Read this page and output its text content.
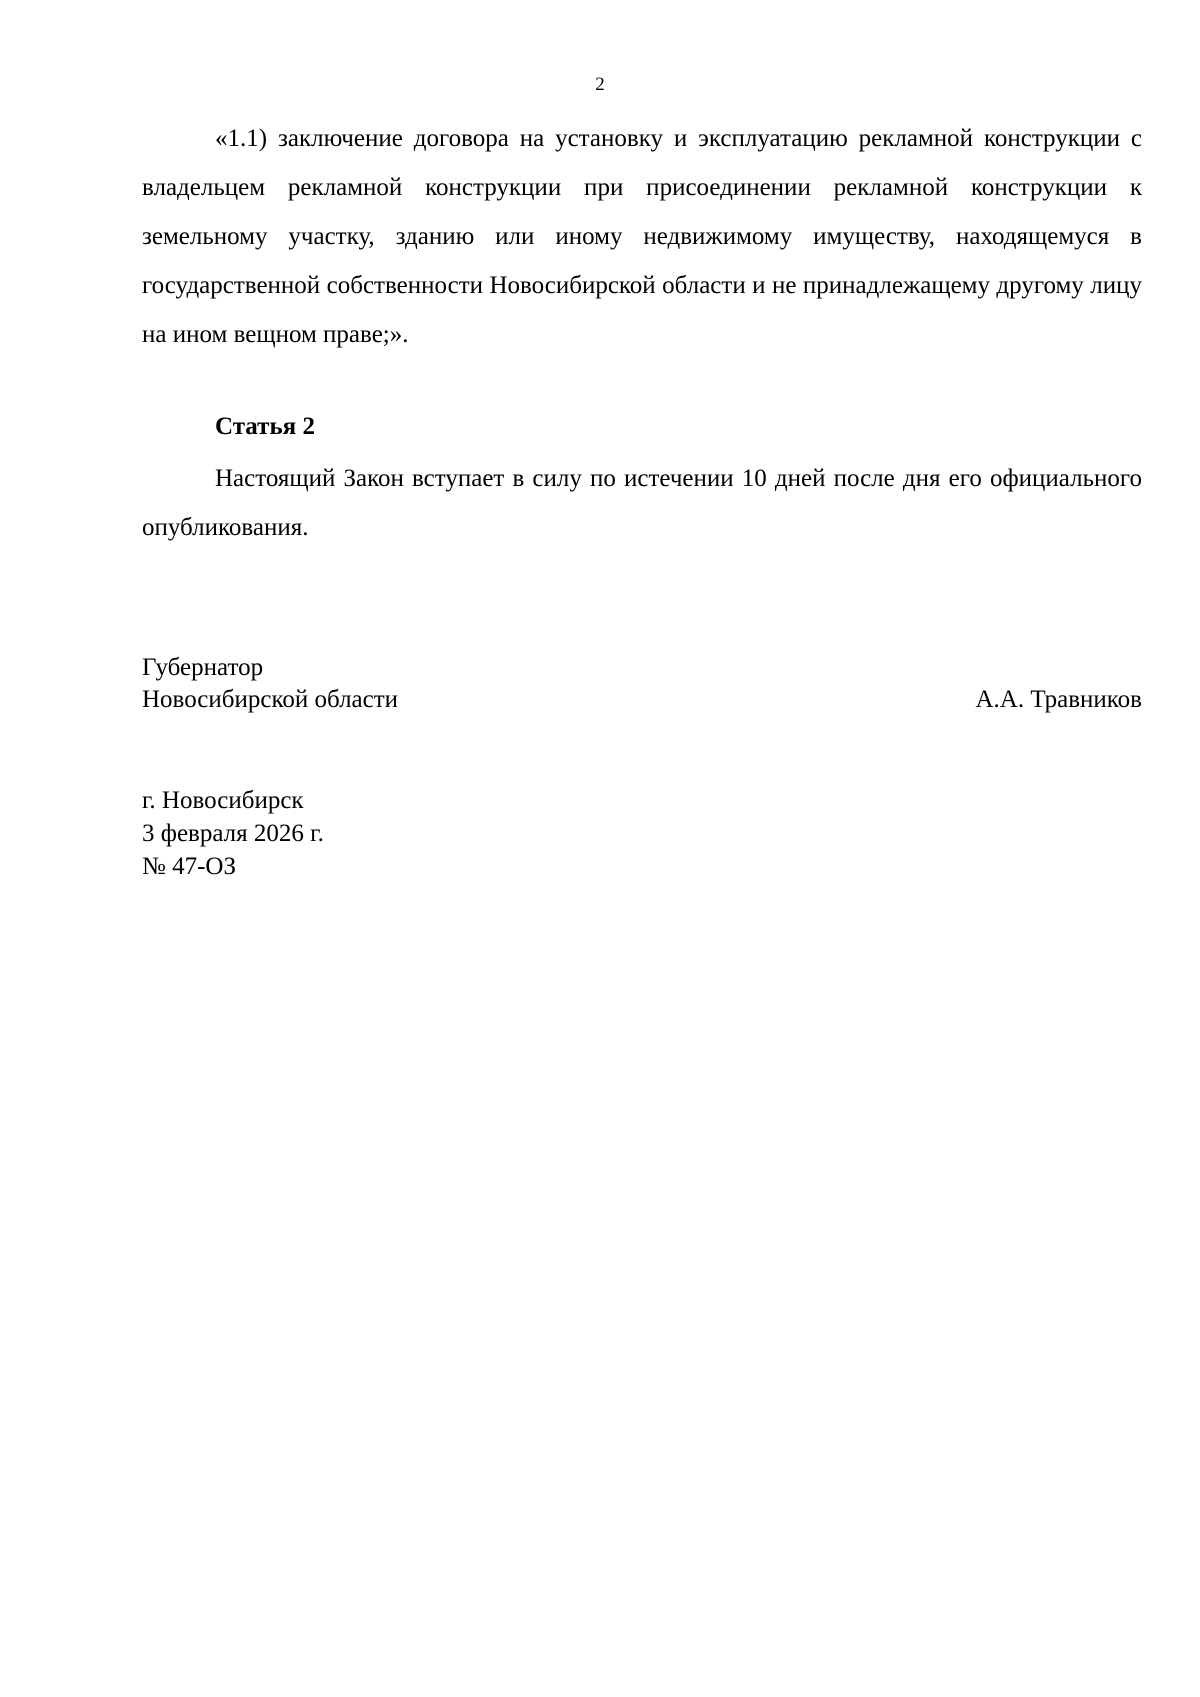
2

«1.1) заключение договора на установку и эксплуатацию рекламной конструкции с владельцем рекламной конструкции при присоединении рекламной конструкции к земельному участку, зданию или иному недвижимому имуществу, находящемуся в государственной собственности Новосибирской области и не принадлежащему другому лицу на ином вещном праве;».

Статья 2

Настоящий Закон вступает в силу по истечении 10 дней после дня его официального опубликования.

Губернатор
Новосибирской области	А.А. Травников
г. Новосибирск
3 февраля 2026 г.
№ 47-ОЗ
